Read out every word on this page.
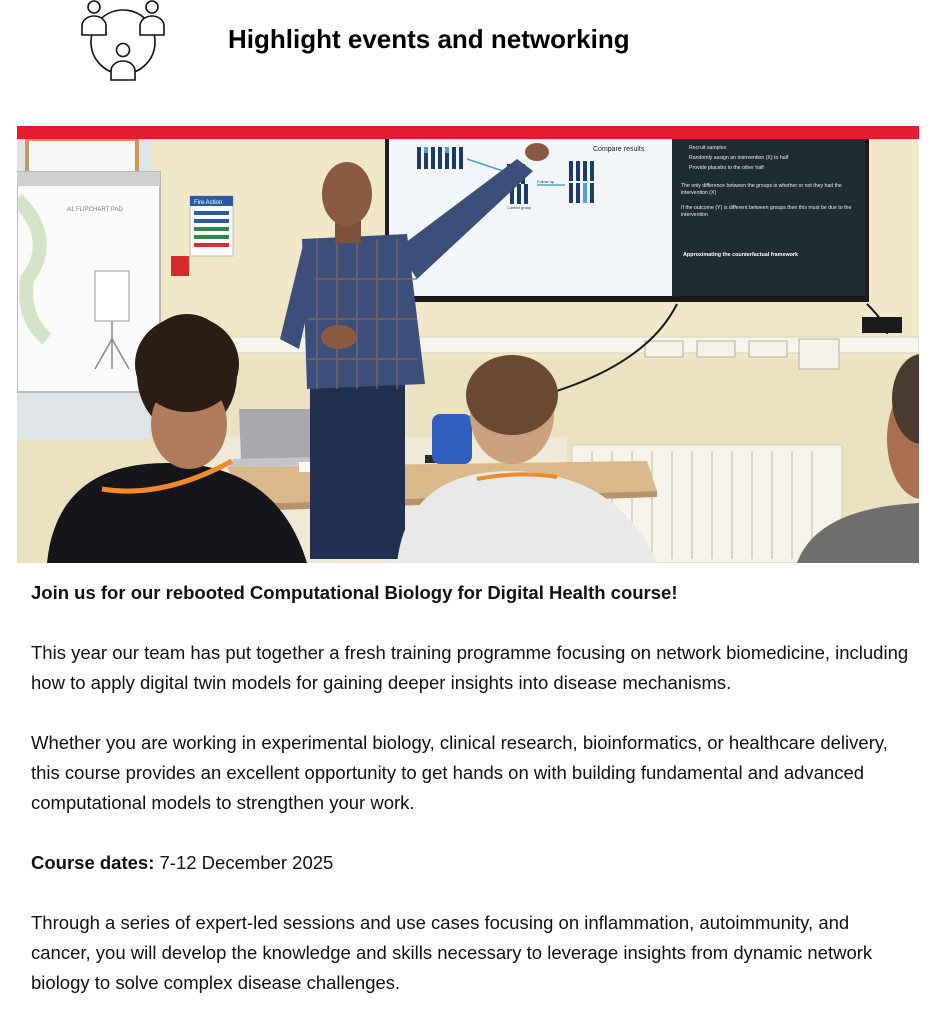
Highlight events and networking
A1 FLIPCHART PAD
Fire Action
Compare results
Follow up
Control group
Recruit samples
Randomly assign an intervention (X) to half
Provide placebo to the other half
The only difference between the groups is whether or not they had the intervention (X)
If the outcome (Y) is different between groups then this must be due to the intervention
Approximating the counterfactual framework

Join us for our rebooted Computational Biology for Digital Health course!

This year our team has put together a fresh training programme focusing on network biomedicine, including how to apply digital twin models for gaining deeper insights into disease mechanisms.

Whether you are working in experimental biology, clinical research, bioinformatics, or healthcare delivery, this course provides an excellent opportunity to get hands on with building fundamental and advanced computational models to strengthen your work.

Course dates: 7-12 December 2025

Through a series of expert-led sessions and use cases focusing on inflammation, autoimmunity, and cancer, you will develop the knowledge and skills necessary to leverage insights from dynamic network biology to solve complex disease challenges.
